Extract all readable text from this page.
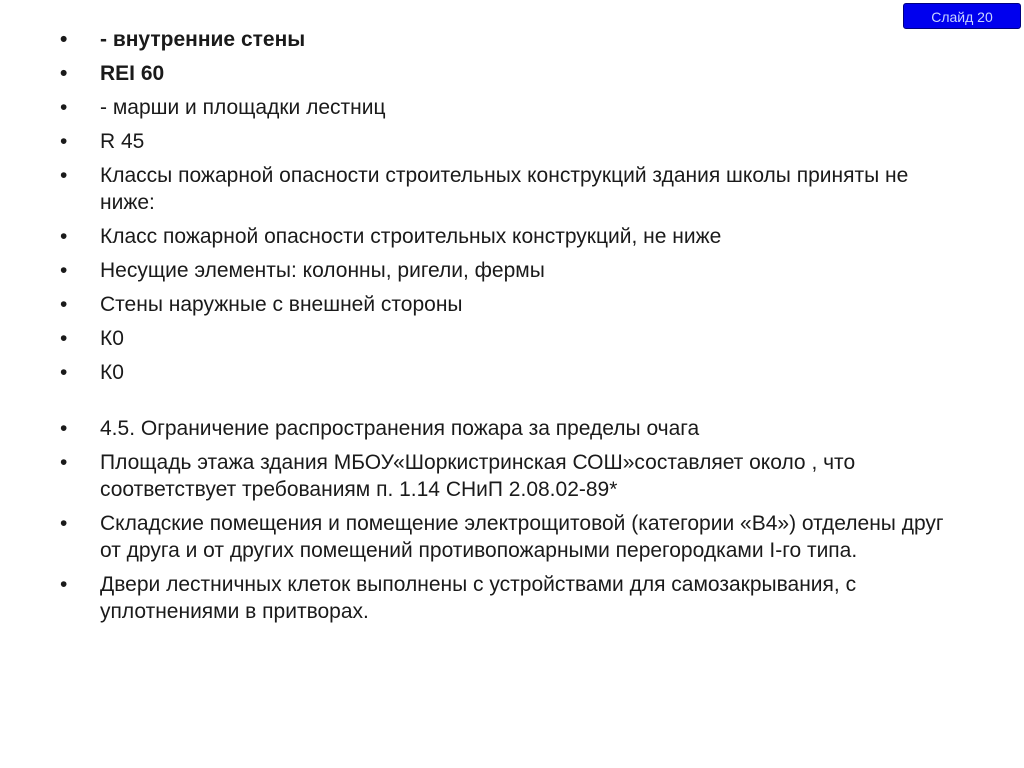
Слайд 20
•	- внутренние стены
•	REI 60
•	- марши и площадки лестниц
•	R 45
•	Классы пожарной опасности строительных конструкций здания школы приняты не ниже:
•	Класс пожарной опасности строительных конструкций, не ниже
•	Несущие элементы: колонны, ригели, фермы
•	Стены наружные с внешней стороны
•	К0
•	К0
•	4.5. Ограничение распространения пожара за пределы очага
•	Площадь этажа здания МБОУ«Шоркистринская СОШ»составляет около , что соответствует требованиям п. 1.14 СНиП 2.08.02-89*
•	Складские помещения и помещение электрощитовой (категории «В4») отделены друг от друга и от других помещений противопожарными перегородками I-го типа.
•	Двери лестничных клеток выполнены с устройствами для самозакрывания, с уплотнениями в притворах.
